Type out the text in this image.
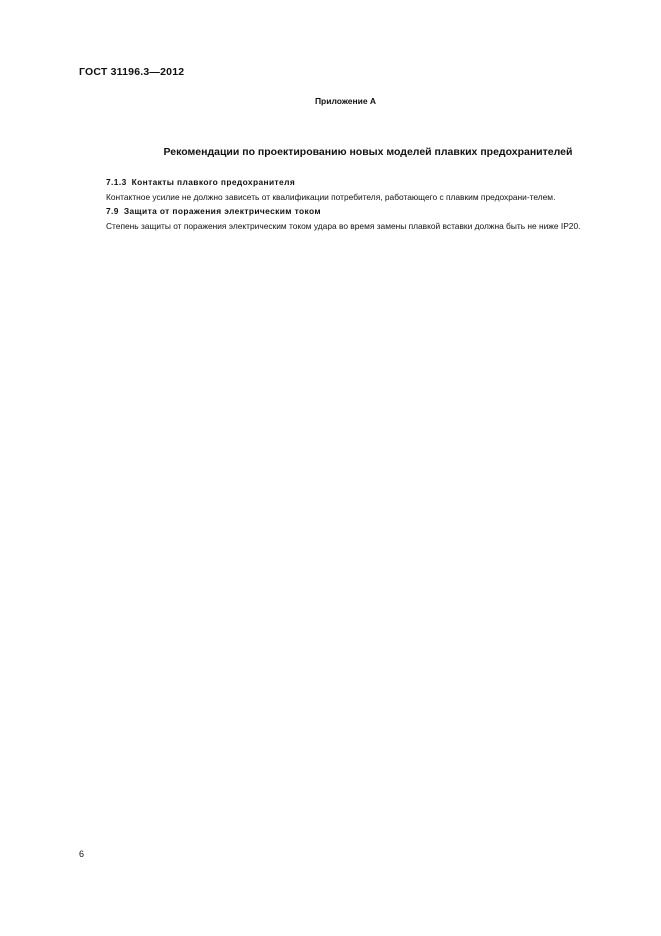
ГОСТ 31196.3—2012
Приложение А
Рекомендации по проектированию новых моделей плавких предохранителей

7.1.3 Контакты плавкого предохранителя

Контактное усилие не должно зависеть от квалификации потребителя, работающего с плавким предохрани-телем.

7.9 Защита от поражения электрическим током

Степень защиты от поражения электрическим током удара во время замены плавкой вставки должна быть не ниже IP20.

6
